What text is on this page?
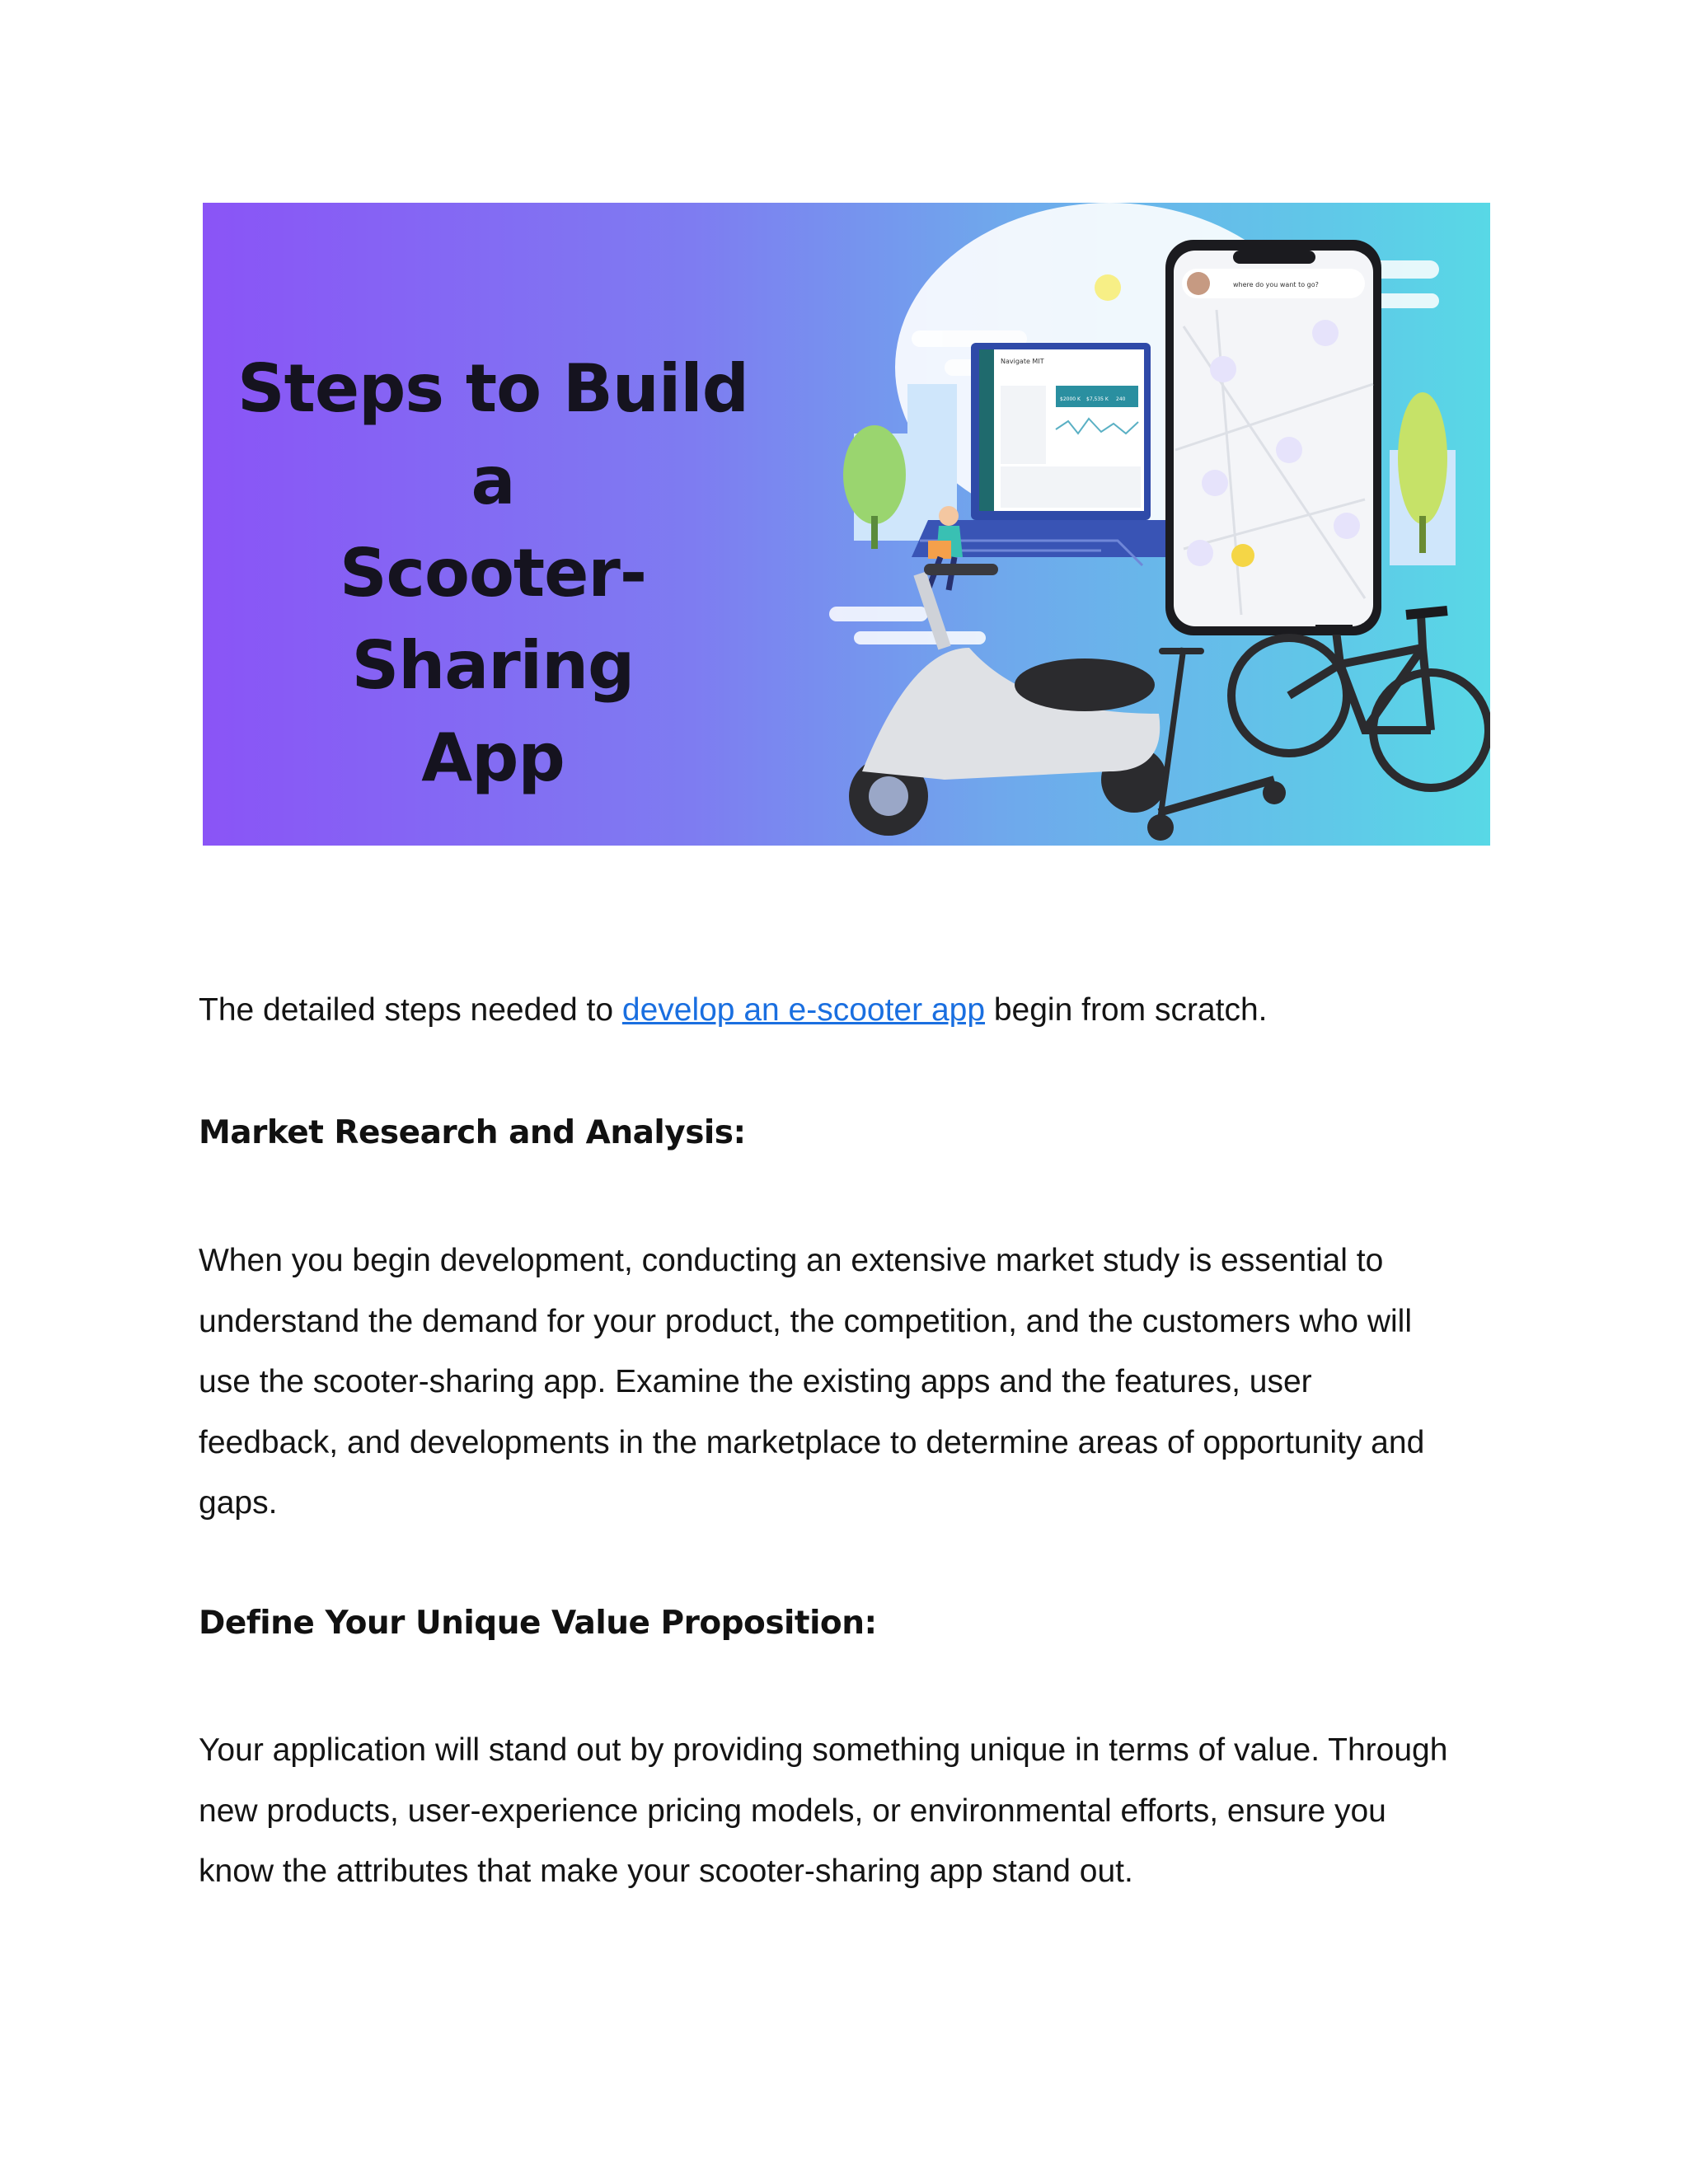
Steps to Build a
Scooter-Sharing
App
Navigate MIT
$2000 K $7,535 K 240
where do you want to go?
The detailed steps needed to develop an e-scooter app begin from scratch.
Market Research and Analysis:
When you begin development, conducting an extensive market study is essential to
understand the demand for your product, the competition, and the customers who will
use the scooter-sharing app. Examine the existing apps and the features, user
feedback, and developments in the marketplace to determine areas of opportunity and
gaps.
Define Your Unique Value Proposition:
Your application will stand out by providing something unique in terms of value. Through
new products, user-experience pricing models, or environmental efforts, ensure you
know the attributes that make your scooter-sharing app stand out.
